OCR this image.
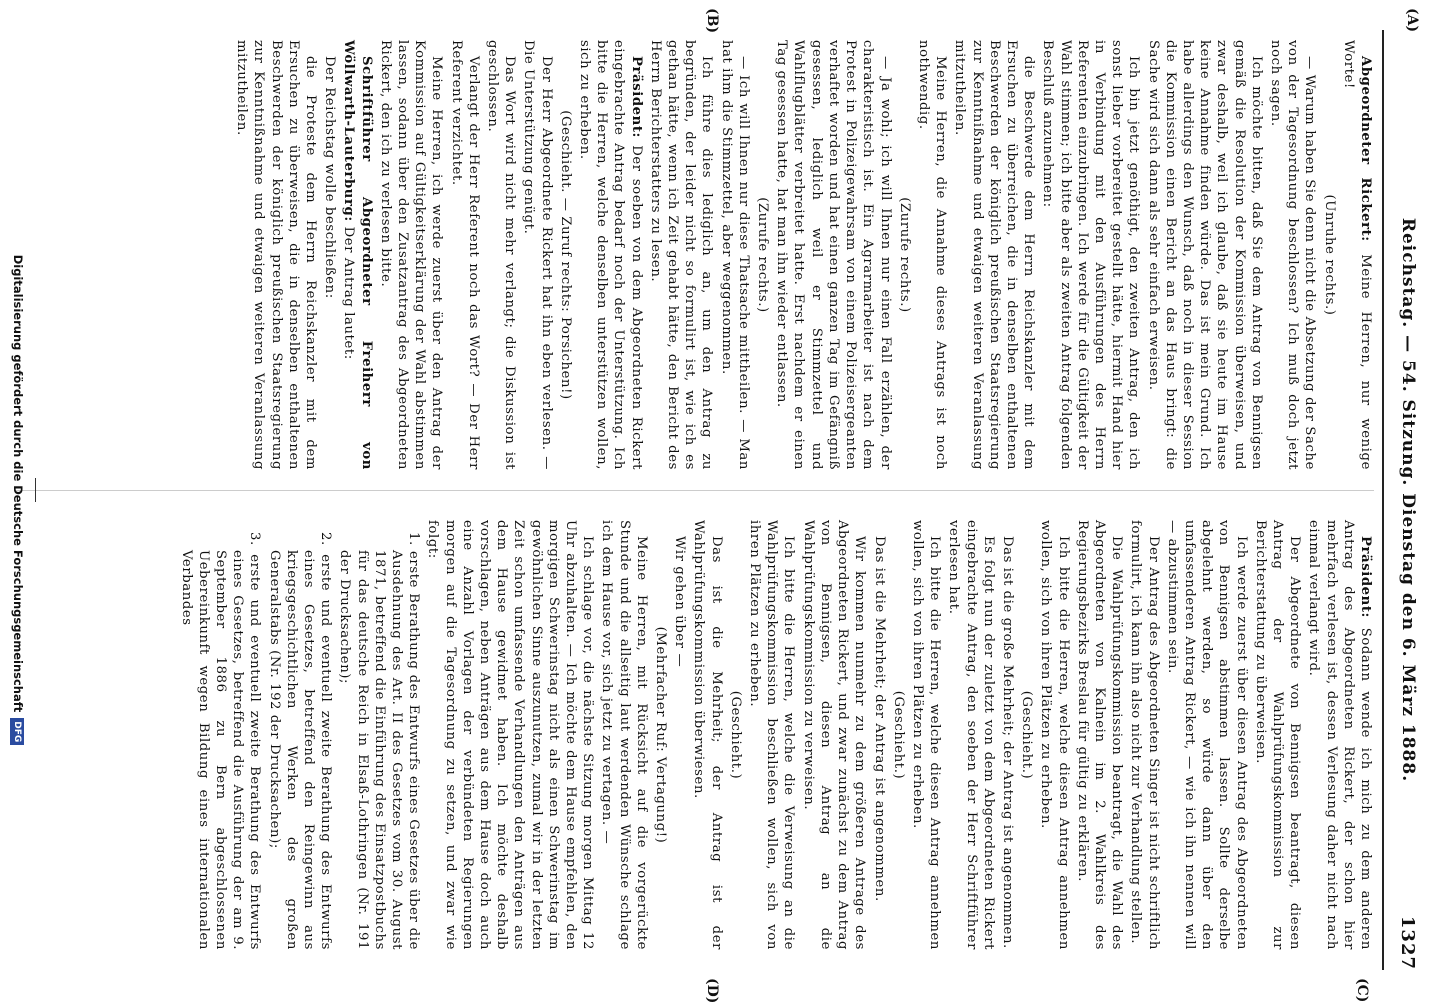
Reichstag. — 54. Sitzung. Dienstag den 6. März 1888.
1327
(A)
(B)
(C)
(D)

Abgeordneter Rickert: Meine Herren, nur wenige Worte!

(Unruhe rechts.)

— Warum haben Sie denn nicht die Absetzung der Sache von der Tagesordnung beschlossen? Ich muß doch jetzt noch sagen.

Ich möchte bitten, daß Sie dem Antrag von Bennigsen gemäß die Resolution der Kommission überweisen, und zwar deshalb, weil ich glaube, daß sie heute im Hause keine Annahme finden würde. Das ist mein Grund. Ich habe allerdings den Wunsch, daß noch in dieser Session die Kommission einen Bericht an das Haus bringt: die Sache wird sich dann als sehr einfach erweisen.

Ich bin jetzt genöthigt, den zweiten Antrag, den ich sonst lieber vorbereitet gestellt hätte, hiermit Hand hier in Verbindung mit den Ausführungen des Herrn Referenten einzubringen. Ich werde für die Gültigkeit der Wahl stimmen; ich bitte aber als zweiten Antrag folgenden Beschluß anzunehmen:

die Beschwerde dem Herrn Reichskanzler mit dem Ersuchen zu überreichen, die in denselben enthaltenen Beschwerden der königlich preußischen Staatsregierung zur Kenntnißnahme und etwaigen weiteren Veranlassung mitzutheilen.

Meine Herren, die Annahme dieses Antrags ist noch nothwendig.

(Zurufe rechts.)

— Ja wohl; ich will Ihnen nur einen Fall erzählen, der charakteristisch ist. Ein Agrarmarbeiter ist nach dem Protest in Polizeigewahrsam von einem Polizeisergeanten verhaftet worden und hat einen ganzen Tag im Gefängniß gesessen, lediglich weil er Stimmzettel und Wahlflugblätter verbreitet hatte. Erst nachdem er einen Tag gesessen hatte, hat man ihn wieder entlassen.

(Zurufe rechts.)

— Ich will Ihnen nur diese Thatsache mittheilen. — Man hat ihm die Stimmzettel, aber weggenommen.

Ich führe dies lediglich an, um den Antrag zu begründen, der leider nicht so formulirt ist, wie ich es gethan hätte, wenn ich Zeit gehabt hätte, den Bericht des Herrn Berichterstatters zu lesen.

Präsident: Der soeben von dem Abgeordneten Rickert eingebrachte Antrag bedarf noch der Unterstützung. Ich bitte die Herren, welche denselben unterstützen wollen, sich zu erheben.

(Geschieht. — Zuruf rechts: Porsichen!)

Der Herr Abgeordnete Rickert hat ihn eben verlesen. — Die Unterstützung genügt.

Das Wort wird nicht mehr verlangt; die Diskussion ist geschlossen.

Verlangt der Herr Referent noch das Wort? — Der Herr Referent verzichtet.

Meine Herren, ich werde zuerst über den Antrag der Kommission auf Gültigkeitserklärung der Wahl abstimmen lassen, sodann über den Zusatzantrag des Abgeordneten Rickert, den ich zu verlesen bitte.

Schriftführer Abgeordneter Freiherr von Wöllwarth-Lauterburg: Der Antrag lautet:

Der Reichstag wolle beschließen:

die Proteste dem Herrn Reichskanzler mit dem Ersuchen zu überweisen, die in denselben enthaltenen Beschwerden der königlich preußischen Staatsregierung zur Kenntnißnahme und etwaigen weiteren Veranlassung mitzutheilen.

Präsident: Sodann wende ich mich zu dem anderen Antrag des Abgeordneten Rickert, der schon hier mehrfach verlesen ist, dessen Verlesung daher nicht nach einmal verlangt wird.

Der Abgeordnete von Bennigsen beantragt, diesen Antrag der Wahlprüfungskommission zur Berichterstattung zu überweisen.

Ich werde zuerst über diesen Antrag des Abgeordneten von Bennigsen abstimmen lassen. Sollte derselbe abgelehnt werden, so würde dann über den umfassenderen Antrag Rickert, — wie ich ihn nennen will — abzustimmen sein.

Der Antrag des Abgeordneten Singer ist nicht schriftlich formulirt, ich kann ihn also nicht zur Verhandlung stellen.

Die Wahlprüfungskommission beantragt, die Wahl des Abgeordneten von Kalnein im 2. Wahlkreis des Regierungsbezirks Breslau für gültig zu erklären.

Ich bitte die Herren, welche diesen Antrag annehmen wollen, sich von ihren Plätzen zu erheben.

(Geschieht.)

Das ist die große Mehrheit; der Antrag ist angenommen.

Es folgt nun der zuletzt von dem Abgeordneten Rickert eingebrachte Antrag, den soeben der Herr Schriftführer verlesen hat.

Ich bitte die Herren, welche diesen Antrag annehmen wollen, sich von ihren Plätzen zu erheben.

(Geschieht.)

Das ist die Mehrheit; der Antrag ist angenommen.

Wir kommen nunmehr zu dem größeren Antrage des Abgeordneten Rickert, und zwar zunächst zu dem Antrag von Bennigsen, diesen Antrag an die Wahlprüfungskommission zu verweisen.

Ich bitte die Herren, welche die Verweisung an die Wahlprüfungskommission beschließen wollen, sich von ihren Plätzen zu erheben.

(Geschieht.)

Das ist die Mehrheit; der Antrag ist der Wahlprüfungskommission überwiesen.

Wir gehen über —

(Mehrfacher Ruf: Vertagung!)

Meine Herren, mit Rücksicht auf die vorgerückte Stunde und die allseitig laut werdenden Wünsche schlage ich dem Hause vor, sich jetzt zu vertagen. —

Ich schlage vor, die nächste Sitzung morgen Mittag 12 Uhr abzuhalten. — Ich möchte dem Hause empfehlen, den morgigen Schwerinstag nicht als einen Schwerinstag im gewöhnlichen Sinne auszunutzen, zumal wir in der letzten Zeit schon umfassende Verhandlungen den Anträgen aus dem Hause gewidmet haben. Ich möchte deshalb vorschlagen, neben Anträgen aus dem Hause doch auch eine Anzahl Vorlagen der verbündeten Regierungen morgen auf die Tagesordnung zu setzen, und zwar wie folgt:

1. erste Berathung des Entwurfs eines Gesetzes über die Ausdehnung des Art. II des Gesetzes vom 30. August 1871, betreffend die Einführung des Einsatzpostbuchs für das deutsche Reich in Elsaß-Lothringen (Nr. 191 der Drucksachen);

2. erste und eventuell zweite Berathung des Entwurfs eines Gesetzes, betreffend den Reingewinn aus kriegsgeschichtlichen Werken des großen Generalstabs (Nr. 192 der Drucksachen);

3. erste und eventuell zweite Berathung des Entwurfs eines Gesetzes, betreffend die Ausführung der am 9. September 1886 zu Bern abgeschlossenen Uebereinkunft wegen Bildung eines internationalen Verbandes

Digitalisierung gefördert durch die Deutsche ForschungsgemeinschaftDFG
